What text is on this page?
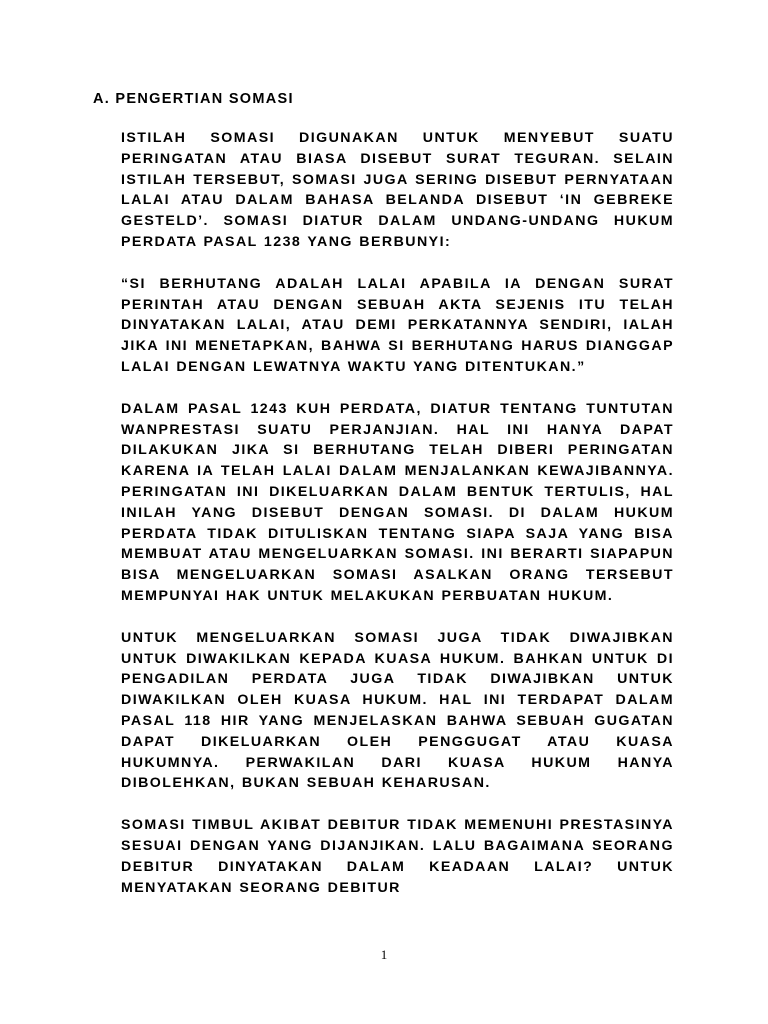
A. PENGERTIAN SOMASI

ISTILAH SOMASI DIGUNAKAN UNTUK MENYEBUT SUATU PERINGATAN ATAU BIASA DISEBUT SURAT TEGURAN. SELAIN ISTILAH TERSEBUT, SOMASI JUGA SERING DISEBUT PERNYATAAN LALAI ATAU DALAM BAHASA BELANDA DISEBUT ‘IN GEBREKE GESTELD’. SOMASI DIATUR DALAM UNDANG-UNDANG HUKUM PERDATA PASAL 1238 YANG BERBUNYI:

“SI BERHUTANG ADALAH LALAI APABILA IA DENGAN SURAT PERINTAH ATAU DENGAN SEBUAH AKTA SEJENIS ITU TELAH DINYATAKAN LALAI, ATAU DEMI PERKATANNYA SENDIRI, IALAH JIKA INI MENETAPKAN, BAHWA SI BERHUTANG HARUS DIANGGAP LALAI DENGAN LEWATNYA WAKTU YANG DITENTUKAN.”

DALAM PASAL 1243 KUH PERDATA, DIATUR TENTANG TUNTUTAN WANPRESTASI SUATU PERJANJIAN. HAL INI HANYA DAPAT DILAKUKAN JIKA SI BERHUTANG TELAH DIBERI PERINGATAN KARENA IA TELAH LALAI DALAM MENJALANKAN KEWAJIBANNYA. PERINGATAN INI DIKELUARKAN DALAM BENTUK TERTULIS, HAL INILAH YANG DISEBUT DENGAN SOMASI. DI DALAM HUKUM PERDATA TIDAK DITULISKAN TENTANG SIAPA SAJA YANG BISA MEMBUAT ATAU MENGELUARKAN SOMASI. INI BERARTI SIAPAPUN BISA MENGELUARKAN SOMASI ASALKAN ORANG TERSEBUT MEMPUNYAI HAK UNTUK MELAKUKAN PERBUATAN HUKUM.

UNTUK MENGELUARKAN SOMASI JUGA TIDAK DIWAJIBKAN UNTUK DIWAKILKAN KEPADA KUASA HUKUM. BAHKAN UNTUK DI PENGADILAN PERDATA JUGA TIDAK DIWAJIBKAN UNTUK DIWAKILKAN OLEH KUASA HUKUM. HAL INI TERDAPAT DALAM PASAL 118 HIR YANG MENJELASKAN BAHWA SEBUAH GUGATAN DAPAT DIKELUARKAN OLEH PENGGUGAT ATAU KUASA HUKUMNYA. PERWAKILAN DARI KUASA HUKUM HANYA DIBOLEHKAN, BUKAN SEBUAH KEHARUSAN.

SOMASI TIMBUL AKIBAT DEBITUR TIDAK MEMENUHI PRESTASINYA SESUAI DENGAN YANG DIJANJIKAN. LALU BAGAIMANA SEORANG DEBITUR DINYATAKAN DALAM KEADAAN LALAI? UNTUK MENYATAKAN SEORANG DEBITUR

1
